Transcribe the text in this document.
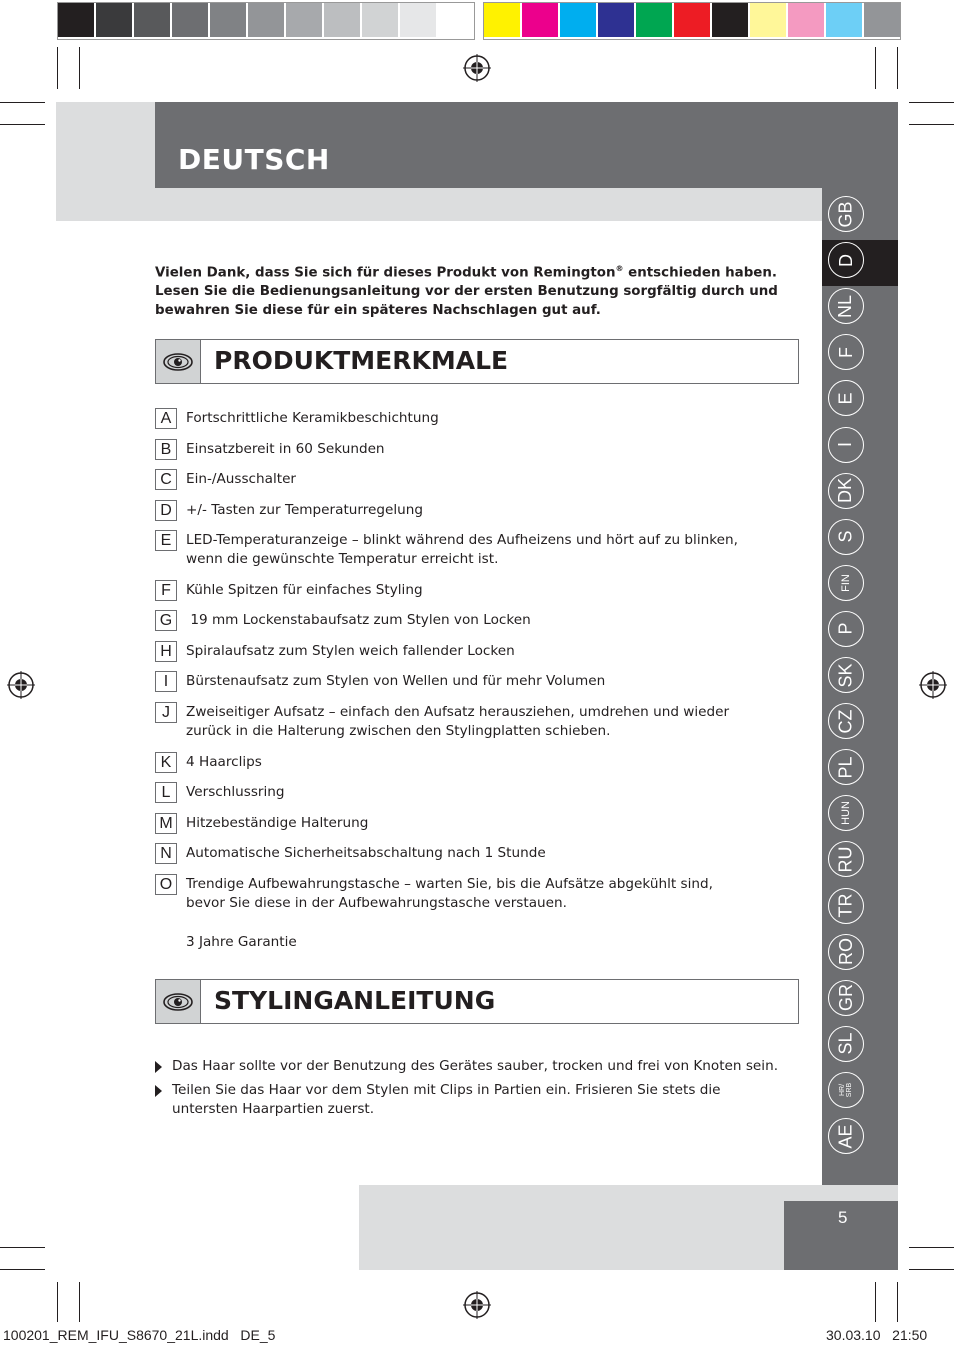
DEUTSCH
GB
D
NL
F
E
I
DK
S
FIN
P
SK
CZ
PL
HUN
RU
TR
RO
GR
SL
HR/
SRB
AE
Vielen Dank, dass Sie sich für dieses Produkt von Remington® entschieden haben.
Lesen Sie die Bedienungsanleitung vor der ersten Benutzung sorgfältig durch und
bewahren Sie diese für ein späteres Nachschlagen gut auf.
PRODUKTMERKMALE
A	Fortschrittliche Keramikbeschichtung
B	Einsatzbereit in 60 Sekunden
C	Ein-/Ausschalter
D	+/- Tasten zur Temperaturregelung
E	LED-Temperaturanzeige – blinkt während des Aufheizens und hört auf zu blinken,
wenn die gewünschte Temperatur erreicht ist.
F	Kühle Spitzen für einfaches Styling
G	19 mm Lockenstabaufsatz zum Stylen von Locken
H	Spiralaufsatz zum Stylen weich fallender Locken
I	Bürstenaufsatz zum Stylen von Wellen und für mehr Volumen
J	Zweiseitiger Aufsatz – einfach den Aufsatz herausziehen, umdrehen und wieder
zurück in die Halterung zwischen den Stylingplatten schieben.
K	4 Haarclips
L	Verschlussring
M Hitzebeständige Halterung
N	Automatische Sicherheitsabschaltung nach 1 Stunde
O	Trendige Aufbewahrungstasche – warten Sie, bis die Aufsätze abgekühlt sind,
bevor Sie diese in der Aufbewahrungstasche verstauen.
3 Jahre Garantie
STYLINGANLEITUNG
Das Haar sollte vor der Benutzung des Gerätes sauber, trocken und frei von Knoten sein.
Teilen Sie das Haar vor dem Stylen mit Clips in Partien ein. Frisieren Sie stets die
untersten Haarpartien zuerst.
5
100201_REM_IFU_S8670_21L.indd   DE_5	30.03.10   21:50
